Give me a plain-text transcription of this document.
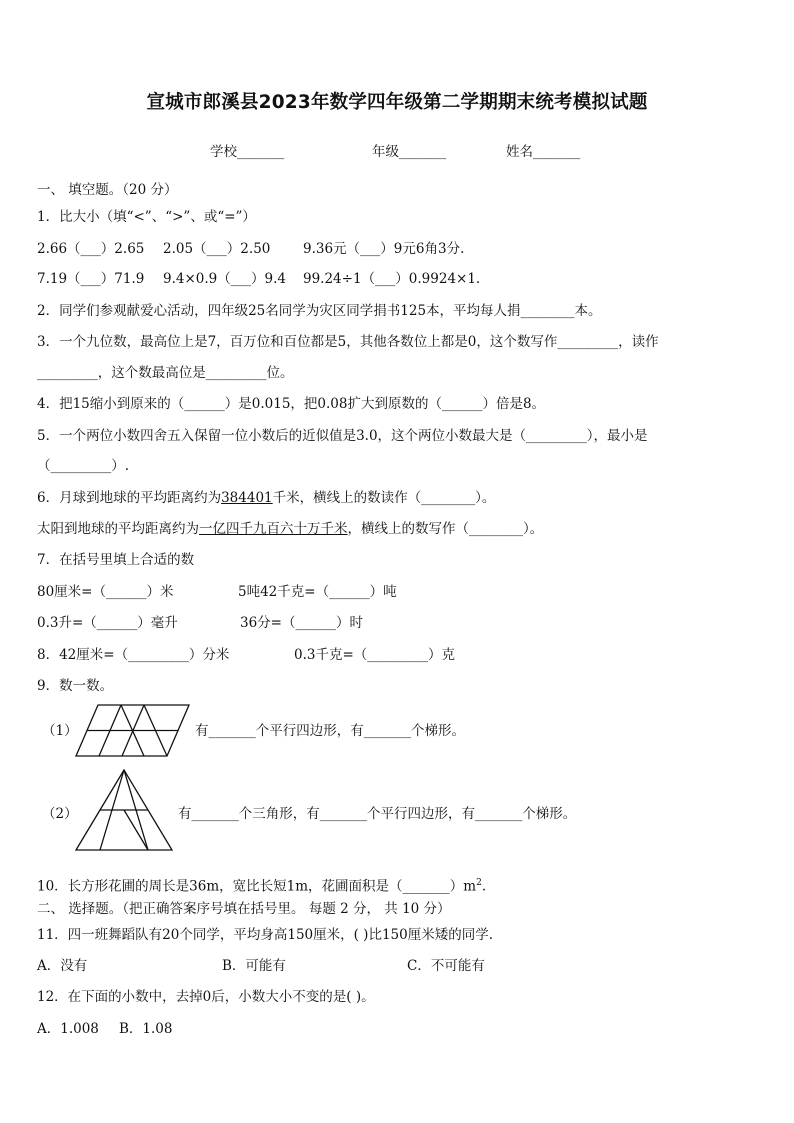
宣城市郎溪县2023年数学四年级第二学期期末统考模拟试题
学校_______	年级_______	姓名_______
一、 填空题。（20 分）
1．比大小（填“<”、“>”、或“=”）
2.66（___）2.65 2.05（___）2.50 9.36元（___）9元6角3分.
7.19（___）71.9 9.4×0.9（___）9.4 99.24÷1（___）0.9924×1.
2．同学们参观献爱心活动，四年级25名同学为灾区同学捐书125本，平均每人捐________本。
3．一个九位数，最高位上是7，百万位和百位都是5，其他各数位上都是0，这个数写作_________，读作
_________，这个数最高位是_________位。
4．把15缩小到原来的（______）是0.015，把0.08扩大到原数的（______）倍是8。
5．一个两位小数四舍五入保留一位小数后的近似值是3.0，这个两位小数最大是（_________），最小是
（_________）.
6．月球到地球的平均距离约为384401千米，横线上的数读作（________）。
太阳到地球的平均距离约为一亿四千九百六十万千米，横线上的数写作（________）。
7．在括号里填上合适的数
80厘米=（______）米	5吨42千克=（______）吨
0.3升=（______）毫升	36分=（______）时
8．42厘米=（_________）分米	0.3千克=（_________）克
9．数一数。
（1）	有_______个平行四边形，有_______个梯形。
（2）	有_______个三角形，有_______个平行四边形，有_______个梯形。
10．长方形花圃的周长是36m，宽比长短1m，花圃面积是$(\_\_\_\_\_\_\_)m^2$.
二、 选择题。（把正确答案序号填在括号里。 每题 2 分， 共 10 分）
11．四一班舞蹈队有20个同学，平均身高150厘米，( )比150厘米矮的同学.
A．没有	B．可能有	C．不可能有
12．在下面的小数中，去掉0后，小数大小不变的是( )。
A．1.008 B．1.08
